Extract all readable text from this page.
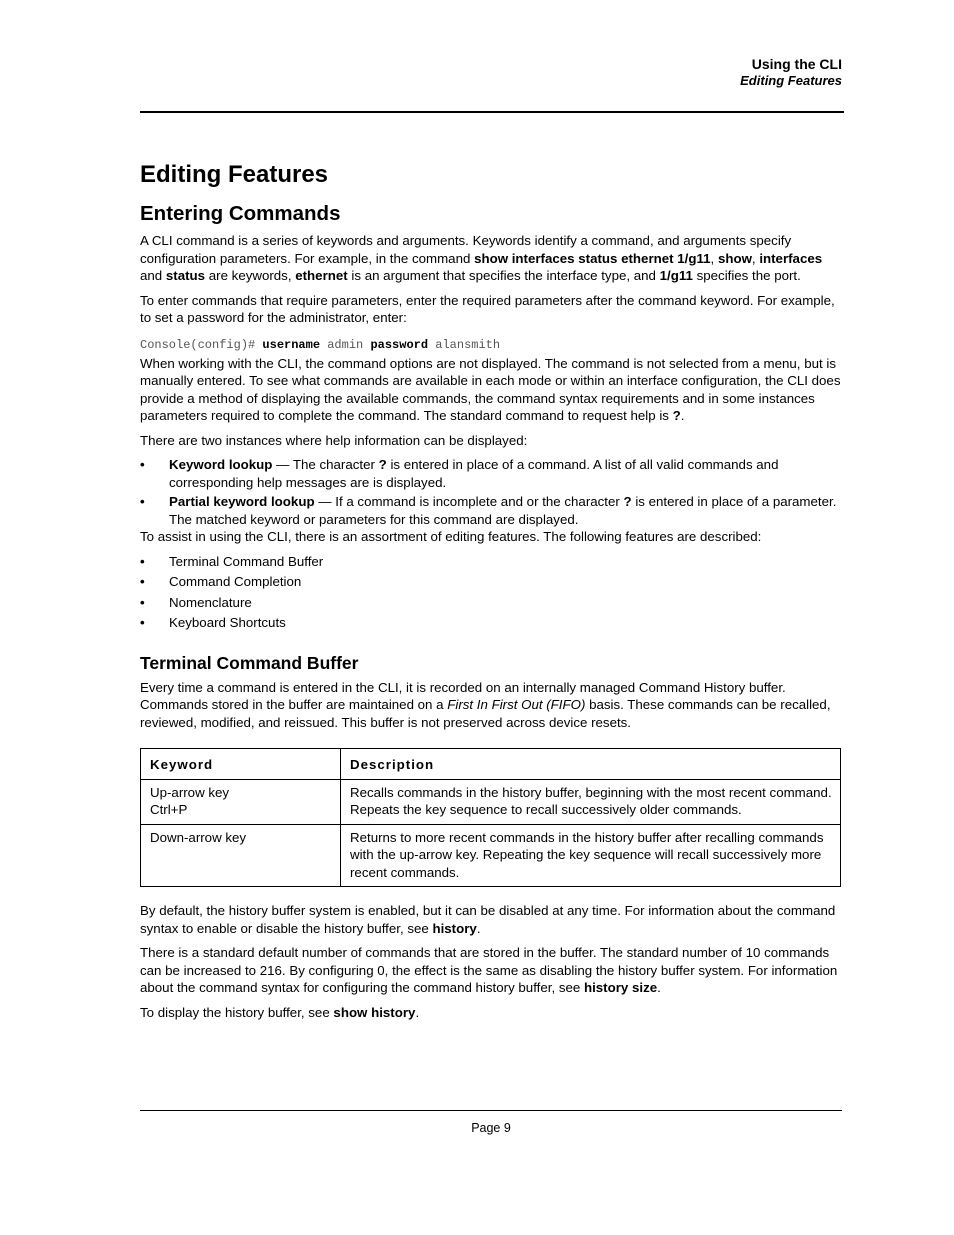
Using the CLI
Editing Features
Editing Features
Entering Commands

A CLI command is a series of keywords and arguments. Keywords identify a command, and arguments specify configuration parameters. For example, in the command show interfaces status ethernet 1/g11, show, interfaces and status are keywords, ethernet is an argument that specifies the interface type, and 1/g11 specifies the port.

To enter commands that require parameters, enter the required parameters after the command keyword. For example, to set a password for the administrator, enter:

Console(config)# username admin password alansmith

When working with the CLI, the command options are not displayed. The command is not selected from a menu, but is manually entered. To see what commands are available in each mode or within an interface configuration, the CLI does provide a method of displaying the available commands, the command syntax requirements and in some instances parameters required to complete the command. The standard command to request help is ?.

There are two instances where help information can be displayed:

• Keyword lookup — The character ? is entered in place of a command. A list of all valid commands and corresponding help messages are is displayed.
• Partial keyword lookup — If a command is incomplete and or the character ? is entered in place of a parameter. The matched keyword or parameters for this command are displayed.

To assist in using the CLI, there is an assortment of editing features. The following features are described:

• Terminal Command Buffer
• Command Completion
• Nomenclature
• Keyboard Shortcuts
Terminal Command Buffer

Every time a command is entered in the CLI, it is recorded on an internally managed Command History buffer. Commands stored in the buffer are maintained on a First In First Out (FIFO) basis. These commands can be recalled, reviewed, modified, and reissued. This buffer is not preserved across device resets.

Keyword	Description
Up-arrow key
Ctrl+P	Recalls commands in the history buffer, beginning with the most recent command. Repeats the key sequence to recall successively older commands.
Down-arrow key	Returns to more recent commands in the history buffer after recalling commands with the up-arrow key. Repeating the key sequence will recall successively more recent commands.

By default, the history buffer system is enabled, but it can be disabled at any time. For information about the command syntax to enable or disable the history buffer, see history.

There is a standard default number of commands that are stored in the buffer. The standard number of 10 commands can be increased to 216. By configuring 0, the effect is the same as disabling the history buffer system. For information about the command syntax for configuring the command history buffer, see history size.

To display the history buffer, see show history.

Page 9
